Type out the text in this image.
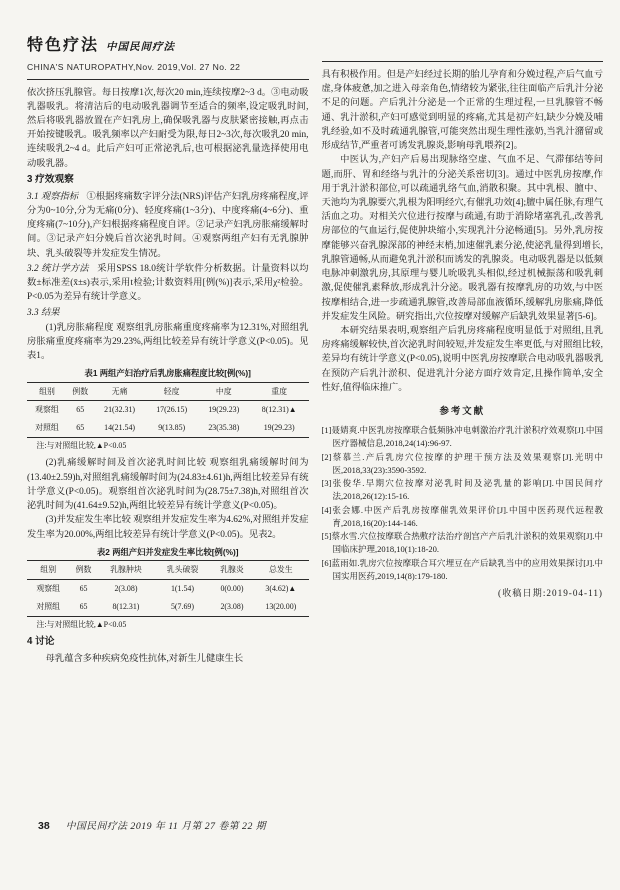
特色疗法 中国民间疗法
CHINA'S NATUROPATHY,Nov. 2019,Vol. 27 No. 22

依次挤压乳腺管。每日按摩1次,每次20 min,连续按摩2~3 d。③电动吸乳器吸乳。将清洁后的电动吸乳器调节至适合的频率,设定吸乳时间,然后将吸乳器放置在产妇乳房上,确保吸乳器与皮肤紧密接触,再点击开始按键吸乳。吸乳频率以产妇耐受为限,每日2~3次,每次吸乳20 min,连续吸乳2~4 d。此后产妇可正常泌乳后,也可根据泌乳量选择使用电动吸乳器。

3 疗效观察

3.1 观察指标 ①根据疼痛数字评分法(NRS)评估产妇乳房疼痛程度,评分为0~10分,分为无痛(0分)、轻度疼痛(1~3分)、中度疼痛(4~6分)、重度疼痛(7~10分),产妇根据疼痛程度自评。②记录产妇乳房胀痛缓解时间。③记录产妇分娩后首次泌乳时间。④观察两组产妇有无乳腺肿块、乳头破裂等并发症发生情况。

3.2 统计学方法 采用SPSS 18.0统计学软件分析数据。计量资料以均数±标准差(x̄±s)表示,采用t检验;计数资料用[例(%)]表示,采用χ²检验。P<0.05为差异有统计学意义。

3.3 结果

(1)乳房胀痛程度 观察组乳房胀痛重度疼痛率为12.31%,对照组乳房胀痛重度疼痛率为29.23%,两组比较差异有统计学意义(P<0.05)。见表1。

表1 两组产妇治疗后乳房胀痛程度比较[例(%)]
组别	例数	无痛	轻度	中度	重度
观察组	65	21(32.31)	17(26.15)	19(29.23)	8(12.31)▲
对照组	65	14(21.54)	9(13.85)	23(35.38)	19(29.23)
注:与对照组比较,▲P<0.05

(2)乳痛缓解时间及首次泌乳时间比较 观察组乳痛缓解时间为(13.40±2.59)h,对照组乳痛缓解时间为(24.83±4.61)h,两组比较差异有统计学意义(P<0.05)。观察组首次泌乳时间为(28.75±7.38)h,对照组首次泌乳时间为(41.64±9.52)h,两组比较差异有统计学意义(P<0.05)。

(3)并发症发生率比较 观察组并发症发生率为4.62%,对照组并发症发生率为20.00%,两组比较差异有统计学意义(P<0.05)。见表2。

表2 两组产妇并发症发生率比较[例(%)]
组别	例数	乳腺肿块	乳头破裂	乳腺炎	总发生
观察组	65	2(3.08)	1(1.54)	0(0.00)	3(4.62)▲
对照组	65	8(12.31)	5(7.69)	2(3.08)	13(20.00)
注:与对照组比较,▲P<0.05

4 讨论

母乳蕴含多种疾病免疫性抗体,对新生儿健康生长

具有积极作用。但是产妇经过长期的胎儿孕育和分娩过程,产后气血亏虚,身体疲惫,加之进入母亲角色,情绪较为紧张,往往面临产后乳汁分泌不足的问题。产后乳汁分泌是一个正常的生理过程,一旦乳腺管不畅通、乳汁淤积,产妇可感觉到明显的疼痛,尤其是初产妇,缺少分娩及哺乳经验,如不及时疏通乳腺管,可能突然出现生理性涨奶,当乳汁潴留或形成结节,严重者可诱发乳腺炎,影响母乳喂养[2]。

中医认为,产妇产后易出现脉络空虚、气血不足、气滞郁结等问题,而肝、胃和经络与乳汁的分泌关系密切[3]。通过中医乳房按摩,作用于乳汁淤积部位,可以疏通乳络气血,消散积聚。其中乳根、膻中、天池均为乳腺要穴,乳根为阳明经穴,有催乳功效[4];膻中属任脉,有理气活血之功。对相关穴位进行按摩与疏通,有助于消除堵塞乳孔,改善乳房部位的气血运行,促使肿块缩小,实现乳汁分泌畅通[5]。另外,乳房按摩能够兴奋乳腺深部的神经末梢,加速催乳素分泌,使泌乳量得到增长,乳腺管通畅,从而避免乳汁淤积而诱发的乳腺炎。电动吸乳器是以低频电脉冲刺激乳房,其原理与婴儿吮吸乳头相似,经过机械振荡和吸乳刺激,促使催乳素释放,形成乳汁分泌。吸乳器有按摩乳房的功效,与中医按摩相结合,进一步疏通乳腺管,改善局部血液循环,缓解乳房胀痛,降低并发症发生风险。研究指出,穴位按摩对缓解产后缺乳效果显著[5-6]。

本研究结果表明,观察组产后乳房疼痛程度明显低于对照组,且乳房疼痛缓解较快,首次泌乳时间较短,并发症发生率更低,与对照组比较,差异均有统计学意义(P<0.05),说明中医乳房按摩联合电动吸乳器吸乳在预防产后乳汁淤积、促进乳汁分泌方面疗效肯定,且操作简单,安全性好,值得临床推广。

参考文献
[1]聂婧爽.中医乳房按摩联合低频脉冲电刺激治疗乳汁淤积疗效观察[J].中国医疗器械信息,2018,24(14):96-97.
[2]蔡慕兰.产后乳房穴位按摩的护理干预方法及效果观察[J].光明中医,2018,33(23):3590-3592.
[3]张俊华.早期穴位按摩对泌乳时间及泌乳量的影响[J].中国民间疗法,2018,26(12):15-16.
[4]张会娜.中医产后乳房按摩催乳效果评价[J].中国中医药现代远程教育,2018,16(20):144-146.
[5]蔡水雪.穴位按摩联合热敷疗法治疗剖宫产产后乳汁淤积的效果观察[J].中国临床护理,2018,10(1):18-20.
[6]蓝雨如.乳房穴位按摩联合耳穴埋豆在产后缺乳当中的应用效果探讨[J].中国实用医药,2019,14(8):179-180.
(收稿日期:2019-04-11)
38 中国民间疗法 2019 年 11 月第 27 卷第 22 期
